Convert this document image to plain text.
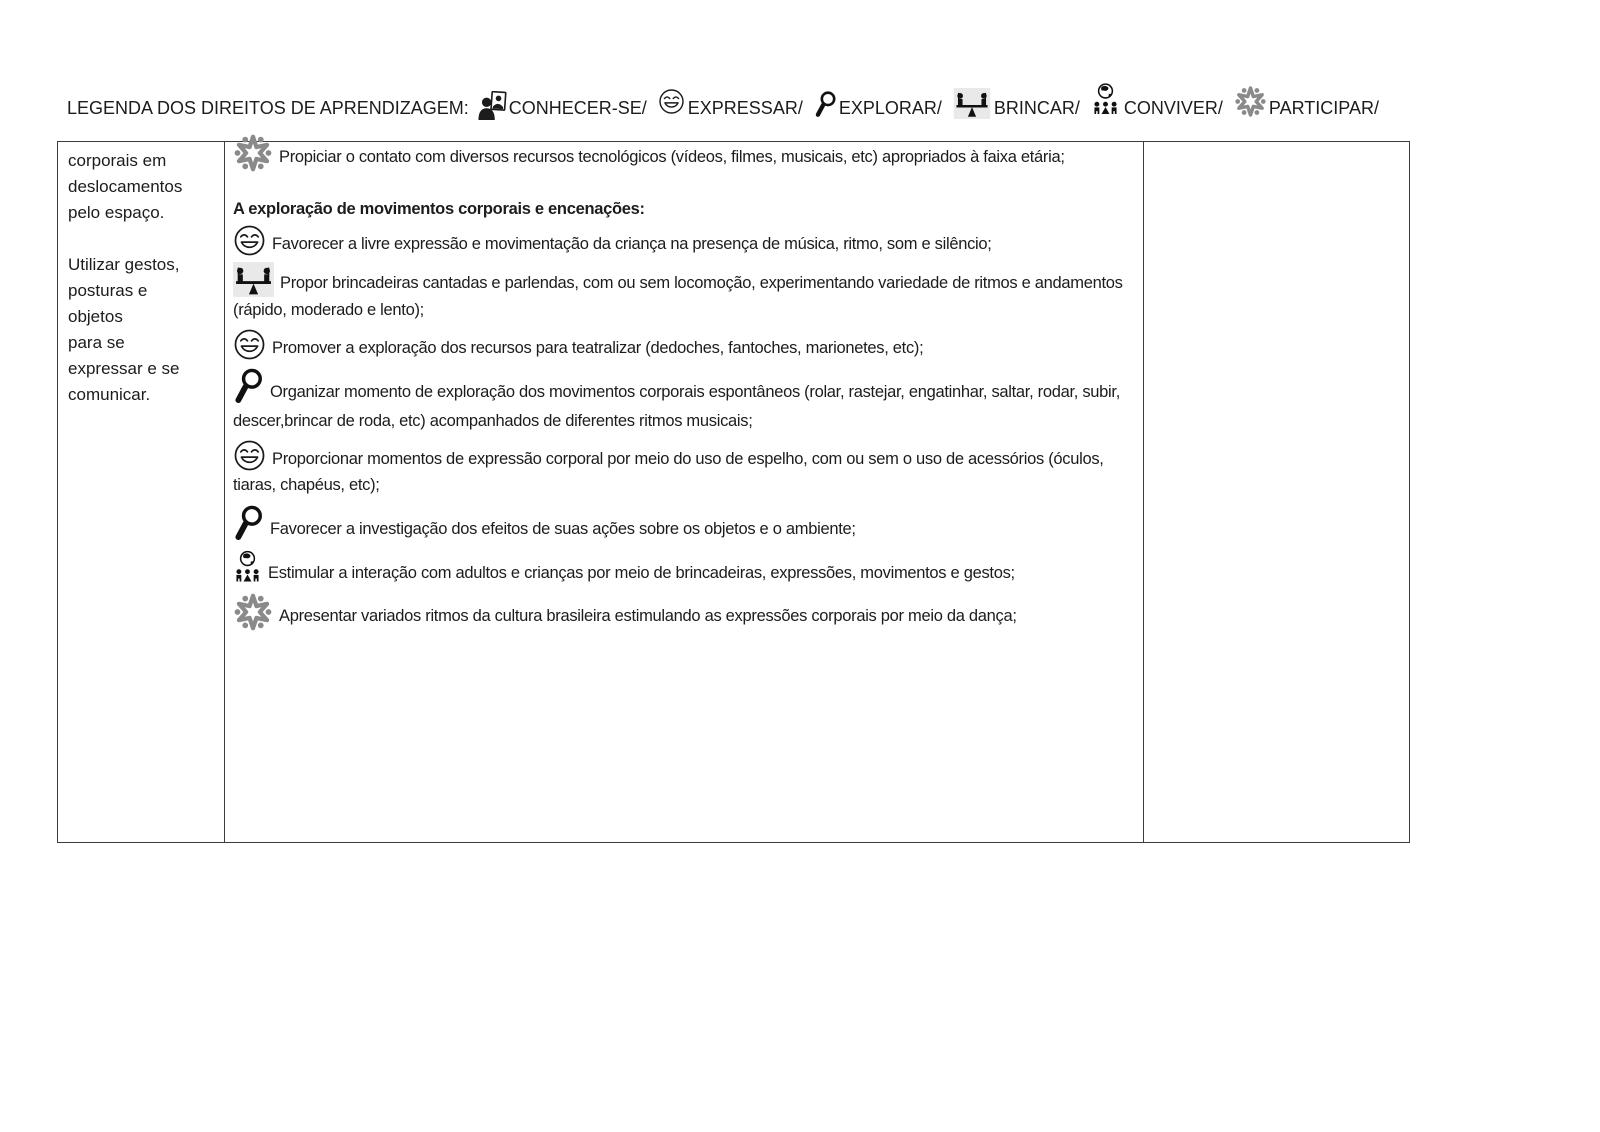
LEGENDA DOS DIREITOS DE APRENDIZAGEM: CONHECER-SE/ EXPRESSAR/ EXPLORAR/	BRINCAR/ CONVIVER/	PARTICIPAR/
corporais em
deslocamentos
pelo espaço.
Utilizar gestos,
posturas e
objetos
para se
expressar e se
comunicar.
Propiciar o contato com diversos recursos tecnológicos (vídeos, filmes, musicais, etc) apropriados à faixa etária;
A exploração de movimentos corporais e encenações:
Favorecer a livre expressão e movimentação da criança na presença de música, ritmo, som e silêncio;
Propor brincadeiras cantadas e parlendas, com ou sem locomoção, experimentando variedade de ritmos e andamentos (rápido, moderado e lento);
Promover a exploração dos recursos para teatralizar (dedoches, fantoches, marionetes, etc);
Organizar momento de exploração dos movimentos corporais espontâneos (rolar, rastejar, engatinhar, saltar, rodar, subir, descer,brincar de roda, etc) acompanhados de diferentes ritmos musicais;
Proporcionar momentos de expressão corporal por meio do uso de espelho, com ou sem o uso de acessórios (óculos, tiaras, chapéus, etc);
Favorecer a investigação dos efeitos de suas ações sobre os objetos e o ambiente;
Estimular a interação com adultos e crianças por meio de brincadeiras, expressões, movimentos e gestos;
Apresentar variados ritmos da cultura brasileira estimulando as expressões corporais por meio da dança;
